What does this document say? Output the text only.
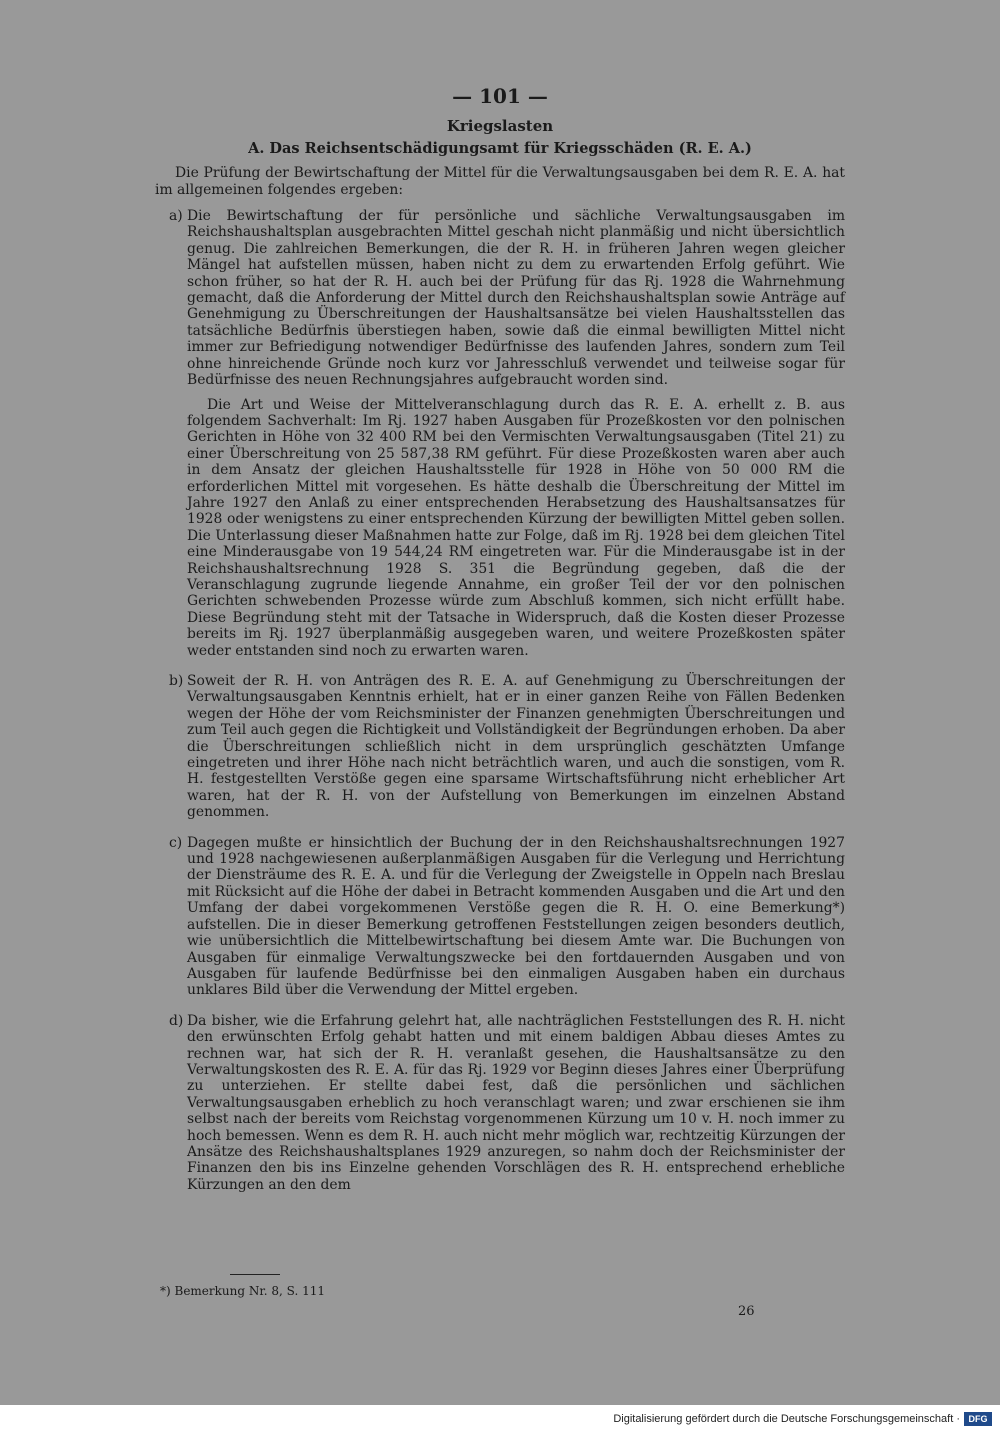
— 101 —
Kriegslasten
A. Das Reichsentschädigungsamt für Kriegsschäden (R. E. A.)

Die Prüfung der Bewirtschaftung der Mittel für die Verwaltungsausgaben bei dem R. E. A. hat im allgemeinen folgendes ergeben:

a) Die Bewirtschaftung der für persönliche und sächliche Verwaltungsausgaben im Reichshaushaltsplan ausgebrachten Mittel geschah nicht planmäßig und nicht übersichtlich genug. Die zahlreichen Bemerkungen, die der R. H. in früheren Jahren wegen gleicher Mängel hat aufstellen müssen, haben nicht zu dem zu erwartenden Erfolg geführt. Wie schon früher, so hat der R. H. auch bei der Prüfung für das Rj. 1928 die Wahrnehmung gemacht, daß die Anforderung der Mittel durch den Reichshaushaltsplan sowie Anträge auf Genehmigung zu Überschreitungen der Haushaltsansätze bei vielen Haushaltsstellen das tatsächliche Bedürfnis überstiegen haben, sowie daß die einmal bewilligten Mittel nicht immer zur Befriedigung notwendiger Bedürfnisse des laufenden Jahres, sondern zum Teil ohne hinreichende Gründe noch kurz vor Jahresschluß verwendet und teilweise sogar für Bedürfnisse des neuen Rechnungsjahres aufgebraucht worden sind.

Die Art und Weise der Mittelveranschlagung durch das R. E. A. erhellt z. B. aus folgendem Sachverhalt: Im Rj. 1927 haben Ausgaben für Prozeßkosten vor den polnischen Gerichten in Höhe von 32 400 RM bei den Vermischten Verwaltungsausgaben (Titel 21) zu einer Überschreitung von 25 587,38 RM geführt. Für diese Prozeßkosten waren aber auch in dem Ansatz der gleichen Haushaltsstelle für 1928 in Höhe von 50 000 RM die erforderlichen Mittel mit vorgesehen. Es hätte deshalb die Überschreitung der Mittel im Jahre 1927 den Anlaß zu einer entsprechenden Herabsetzung des Haushaltsansatzes für 1928 oder wenigstens zu einer entsprechenden Kürzung der bewilligten Mittel geben sollen. Die Unterlassung dieser Maßnahmen hatte zur Folge, daß im Rj. 1928 bei dem gleichen Titel eine Minderausgabe von 19 544,24 RM eingetreten war. Für die Minderausgabe ist in der Reichshaushaltsrechnung 1928 S. 351 die Begründung gegeben, daß die der Veranschlagung zugrunde liegende Annahme, ein großer Teil der vor den polnischen Gerichten schwebenden Prozesse würde zum Abschluß kommen, sich nicht erfüllt habe. Diese Begründung steht mit der Tatsache in Widerspruch, daß die Kosten dieser Prozesse bereits im Rj. 1927 überplanmäßig ausgegeben waren, und weitere Prozeßkosten später weder entstanden sind noch zu erwarten waren.

b) Soweit der R. H. von Anträgen des R. E. A. auf Genehmigung zu Überschreitungen der Verwaltungsausgaben Kenntnis erhielt, hat er in einer ganzen Reihe von Fällen Bedenken wegen der Höhe der vom Reichsminister der Finanzen genehmigten Überschreitungen und zum Teil auch gegen die Richtigkeit und Vollständigkeit der Begründungen erhoben. Da aber die Überschreitungen schließlich nicht in dem ursprünglich geschätzten Umfange eingetreten und ihrer Höhe nach nicht beträchtlich waren, und auch die sonstigen, vom R. H. festgestellten Verstöße gegen eine sparsame Wirtschaftsführung nicht erheblicher Art waren, hat der R. H. von der Aufstellung von Bemerkungen im einzelnen Abstand genommen.

c) Dagegen mußte er hinsichtlich der Buchung der in den Reichshaushaltsrechnungen 1927 und 1928 nachgewiesenen außerplanmäßigen Ausgaben für die Verlegung und Herrichtung der Diensträume des R. E. A. und für die Verlegung der Zweigstelle in Oppeln nach Breslau mit Rücksicht auf die Höhe der dabei in Betracht kommenden Ausgaben und die Art und den Umfang der dabei vorgekommenen Verstöße gegen die R. H. O. eine Bemerkung*) aufstellen. Die in dieser Bemerkung getroffenen Feststellungen zeigen besonders deutlich, wie unübersichtlich die Mittelbewirtschaftung bei diesem Amte war. Die Buchungen von Ausgaben für einmalige Verwaltungszwecke bei den fortdauernden Ausgaben und von Ausgaben für laufende Bedürfnisse bei den einmaligen Ausgaben haben ein durchaus unklares Bild über die Verwendung der Mittel ergeben.

d) Da bisher, wie die Erfahrung gelehrt hat, alle nachträglichen Feststellungen des R. H. nicht den erwünschten Erfolg gehabt hatten und mit einem baldigen Abbau dieses Amtes zu rechnen war, hat sich der R. H. veranlaßt gesehen, die Haushaltsansätze zu den Verwaltungskosten des R. E. A. für das Rj. 1929 vor Beginn dieses Jahres einer Überprüfung zu unterziehen. Er stellte dabei fest, daß die persönlichen und sächlichen Verwaltungsausgaben erheblich zu hoch veranschlagt waren; und zwar erschienen sie ihm selbst nach der bereits vom Reichstag vorgenommenen Kürzung um 10 v. H. noch immer zu hoch bemessen. Wenn es dem R. H. auch nicht mehr möglich war, rechtzeitig Kürzungen der Ansätze des Reichshaushaltsplanes 1929 anzuregen, so nahm doch der Reichsminister der Finanzen den bis ins Einzelne gehenden Vorschlägen des R. H. entsprechend erhebliche Kürzungen an den dem

*) Bemerkung Nr. 8, S. 111
26
Digitalisierung gefördert durch die Deutsche Forschungsgemeinschaft · DFG
